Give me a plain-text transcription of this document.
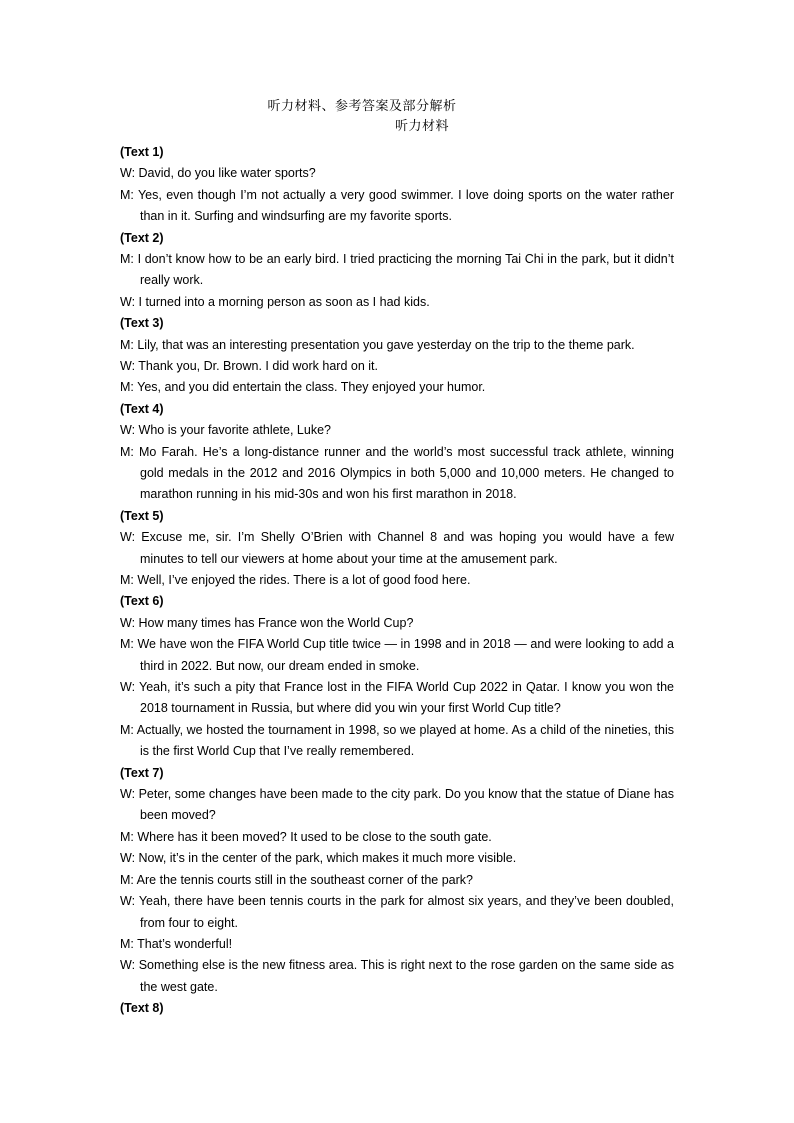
听力材料、参考答案及部分解析
听力材料
(Text 1)
W: David, do you like water sports?
M: Yes, even though I’m not actually a very good swimmer. I love doing sports on the water rather than in it. Surfing and windsurfing are my favorite sports.
(Text 2)
M: I don’t know how to be an early bird. I tried practicing the morning Tai Chi in the park, but it didn’t really work.
W: I turned into a morning person as soon as I had kids.
(Text 3)
M: Lily, that was an interesting presentation you gave yesterday on the trip to the theme park.
W: Thank you, Dr. Brown. I did work hard on it.
M: Yes, and you did entertain the class. They enjoyed your humor.
(Text 4)
W: Who is your favorite athlete, Luke?
M: Mo Farah. He’s a long-distance runner and the world’s most successful track athlete, winning gold medals in the 2012 and 2016 Olympics in both 5,000 and 10,000 meters. He changed to marathon running in his mid-30s and won his first marathon in 2018.
(Text 5)
W: Excuse me, sir. I’m Shelly O’Brien with Channel 8 and was hoping you would have a few minutes to tell our viewers at home about your time at the amusement park.
M: Well, I’ve enjoyed the rides. There is a lot of good food here.
(Text 6)
W: How many times has France won the World Cup?
M: We have won the FIFA World Cup title twice — in 1998 and in 2018 — and were looking to add a third in 2022. But now, our dream ended in smoke.
W: Yeah, it’s such a pity that France lost in the FIFA World Cup 2022 in Qatar. I know you won the 2018 tournament in Russia, but where did you win your first World Cup title?
M: Actually, we hosted the tournament in 1998, so we played at home. As a child of the nineties, this is the first World Cup that I’ve really remembered.
(Text 7)
W: Peter, some changes have been made to the city park. Do you know that the statue of Diane has been moved?
M: Where has it been moved? It used to be close to the south gate.
W: Now, it’s in the center of the park, which makes it much more visible.
M: Are the tennis courts still in the southeast corner of the park?
W: Yeah, there have been tennis courts in the park for almost six years, and they’ve been doubled, from four to eight.
M: That’s wonderful!
W: Something else is the new fitness area. This is right next to the rose garden on the same side as the west gate.
(Text 8)
